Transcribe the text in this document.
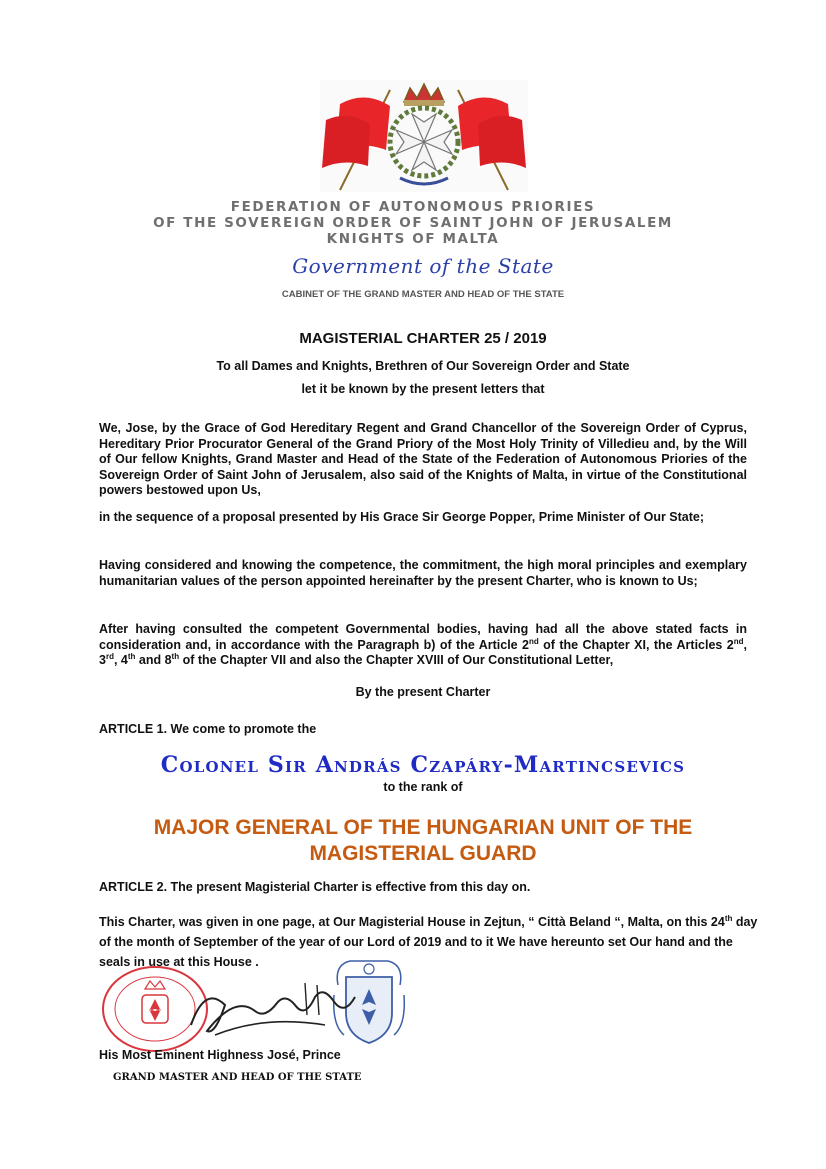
FEDERATION OF AUTONOMOUS PRIORIES
OF THE SOVEREIGN ORDER OF SAINT JOHN OF JERUSALEM
KNIGHTS OF MALTA
Government of the State
CABINET OF THE GRAND MASTER AND HEAD OF THE STATE
MAGISTERIAL CHARTER 25 / 2019
To all Dames and Knights, Brethren of Our Sovereign Order and State
let it be known by the present letters that
We, Jose, by the Grace of God Hereditary Regent and Grand Chancellor of the Sovereign Order of Cyprus, Hereditary Prior Procurator General of the Grand Priory of the Most Holy Trinity of Villedieu and, by the Will of Our fellow Knights, Grand Master and Head of the State of the Federation of Autonomous Priories of the Sovereign Order of Saint John of Jerusalem, also said of the Knights of Malta, in virtue of the Constitutional powers bestowed upon Us,
in the sequence of a proposal presented by His Grace Sir George Popper, Prime Minister of Our State;
Having considered and knowing the competence, the commitment, the high moral principles and exemplary humanitarian values of the person appointed hereinafter by the present Charter, who is known to Us;
After having consulted the competent Governmental bodies, having had all the above stated facts in consideration and, in accordance with the Paragraph b) of the Article 2nd of the Chapter XI, the Articles 2nd, 3rd, 4th and 8th of the Chapter VII and also the Chapter XVIII of Our Constitutional Letter,
By the present Charter
ARTICLE 1. We come to promote the
Colonel Sir András Czapáry-Martincsevics
to the rank of
MAJOR GENERAL OF THE HUNGARIAN UNIT OF THE
MAGISTERIAL GUARD
ARTICLE 2. The present Magisterial Charter is effective from this day on.
This Charter, was given in one page, at Our Magisterial House in Zejtun, “ Città Beland “, Malta, on this 24th day of the month of September of the year of our Lord of 2019 and to it We have hereunto set Our hand and the seals in use at this House .
His Most Eminent Highness José, Prince
GRAND MASTER AND HEAD OF THE STATE
